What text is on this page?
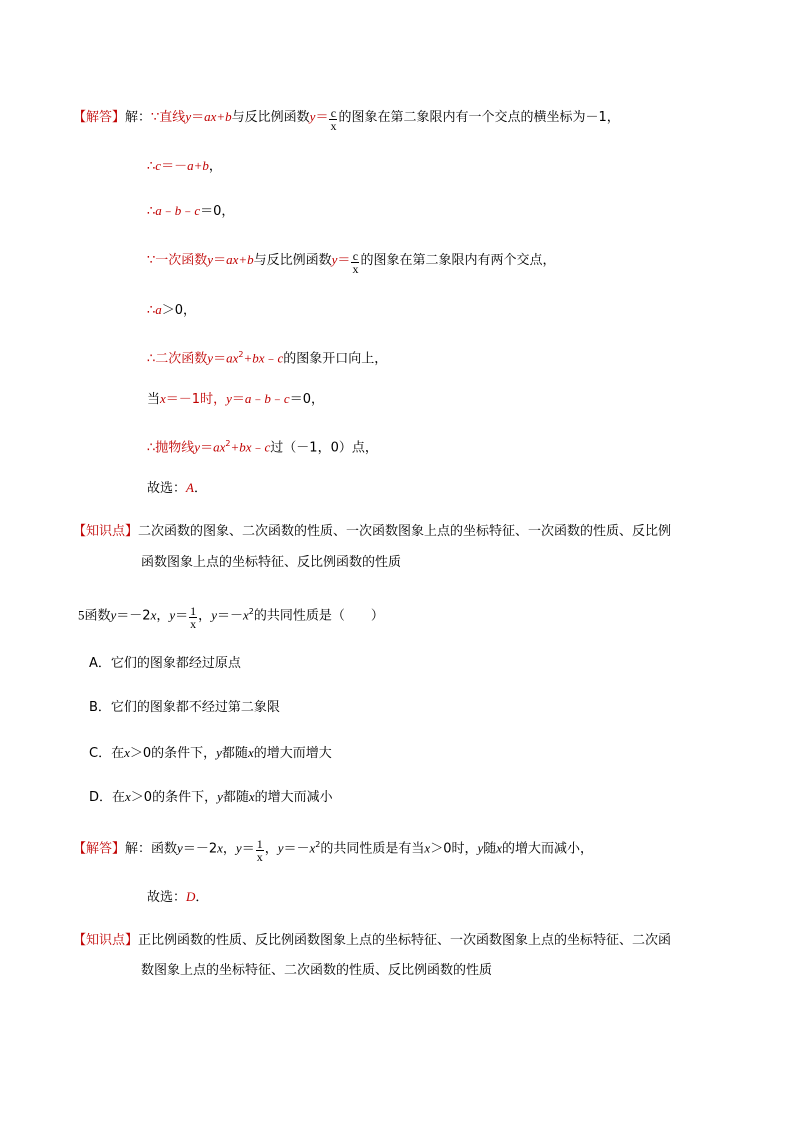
【解答】解：∵直线y＝ax+b与反比例函数$y= \frac{c}{x}$ 的图象在第二象限内有一个交点的横坐标为－1，
∴c＝－a+b，
∴a﹣b﹣c＝0，
∵一次函数y＝ax+b与反比例函数$y= \frac{c}{x}$ 的图象在第二象限内有两个交点，
∴a＞0，
∴二次函数$y=ax^2+bx﹣c$的图象开口向上，
当x＝－1时，y＝a﹣b﹣c＝0，
∴抛物线$y=ax^2+bx﹣c$过（－1，0）点，
故选：A．
【知识点】二次函数的图象、二次函数的性质、一次函数图象上点的坐标特征、一次函数的性质、反比例
函数图象上点的坐标特征、反比例函数的性质
5函数y＝－2x，$y= \frac{1}{x}$ ，$y=-x^2$的共同性质是（　　）
A．它们的图象都经过原点
B．它们的图象都不经过第二象限
C．在x＞0的条件下，y都随x的增大而增大
D．在x＞0的条件下，y都随x的增大而减小
【解答】解：函数y＝－2x，$y= \frac{1}{x}$ ，$y=-x^2$的共同性质是有当x＞0时，y随x的增大而减小，
故选：D．
【知识点】正比例函数的性质、反比例函数图象上点的坐标特征、一次函数图象上点的坐标特征、二次函
数图象上点的坐标特征、二次函数的性质、反比例函数的性质
